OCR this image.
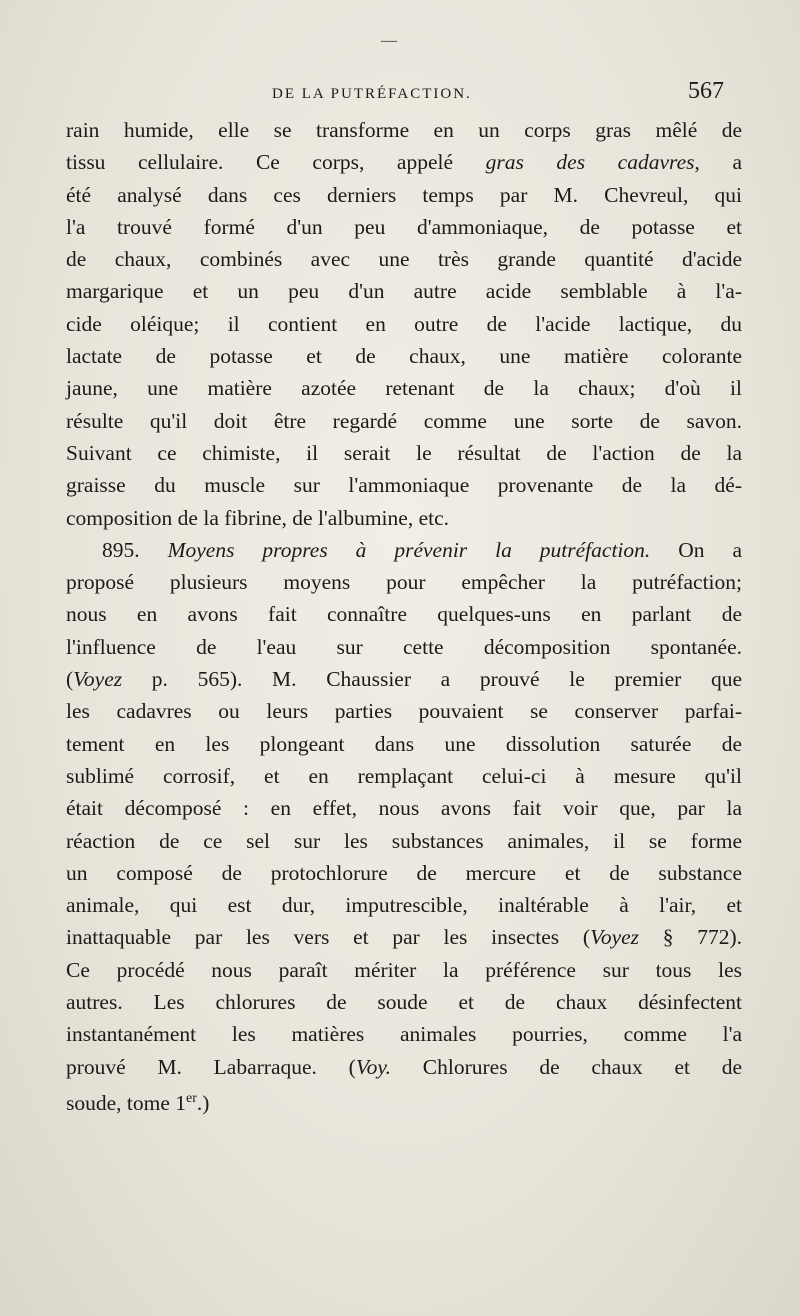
—
DE LA PUTRÉFACTION.	567
rain humide, elle se transforme en un corps gras mêlé de
tissu cellulaire. Ce corps, appelé gras des cadavres, a
été analysé dans ces derniers temps par M. Chevreul, qui
l'a trouvé formé d'un peu d'ammoniaque, de potasse et
de chaux, combinés avec une très grande quantité d'acide
margarique et un peu d'un autre acide semblable à l'a-
cide oléique; il contient en outre de l'acide lactique, du
lactate de potasse et de chaux, une matière colorante
jaune, une matière azotée retenant de la chaux; d'où il
résulte qu'il doit être regardé comme une sorte de savon.
Suivant ce chimiste, il serait le résultat de l'action de la
graisse du muscle sur l'ammoniaque provenante de la dé-
composition de la fibrine, de l'albumine, etc.
895. Moyens propres à prévenir la putréfaction. On a
proposé plusieurs moyens pour empêcher la putréfaction;
nous en avons fait connaître quelques-uns en parlant de
l'influence de l'eau sur cette décomposition spontanée.
(Voyez p. 565). M. Chaussier a prouvé le premier que
les cadavres ou leurs parties pouvaient se conserver parfai-
tement en les plongeant dans une dissolution saturée de
sublimé corrosif, et en remplaçant celui-ci à mesure qu'il
était décomposé : en effet, nous avons fait voir que, par la
réaction de ce sel sur les substances animales, il se forme
un composé de protochlorure de mercure et de substance
animale, qui est dur, imputrescible, inaltérable à l'air, et
inattaquable par les vers et par les insectes (Voyez § 772).
Ce procédé nous paraît mériter la préférence sur tous les
autres. Les chlorures de soude et de chaux désinfectent
instantanément les matières animales pourries, comme l'a
prouvé M. Labarraque. (Voy. Chlorures de chaux et de
soude, tome 1er.)
